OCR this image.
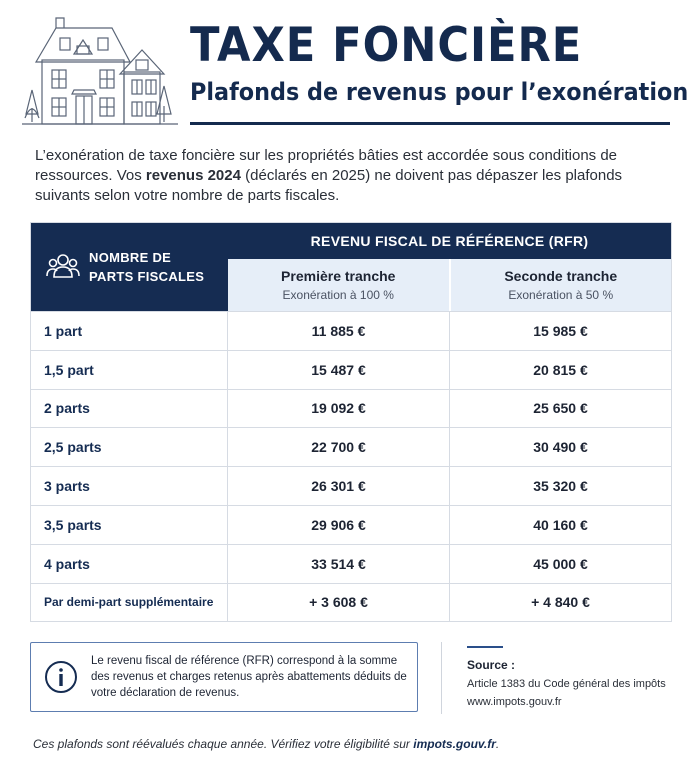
TAXE FONCIÈRE
Plafonds de revenus pour l’exonération

L’exonération de taxe foncière sur les propriétés bâties est accordée sous conditions de ressources. Vos revenus 2024 (déclarés en 2025) ne doivent pas dépaszer les plafonds suivants selon votre nombre de parts fiscales.

NOMBRE DE
PARTS FISCALES
REVENU FISCAL DE RÉFÉRENCE (RFR)
Première tranche
Exonération à 100 %
Seconde tranche
Exonération à 50 %
1 part	11 885 €	15 985 €
1,5 part	15 487 €	20 815 €
2 parts	19 092 €	25 650 €
2,5 parts	22 700 €	30 490 €
3 parts	26 301 €	35 320 €
3,5 parts	29 906 €	40 160 €
4 parts	33 514 €	45 000 €
Par demi-part supplémentaire	+ 3 608 €	+ 4 840 €
Le revenu fiscal de référence (RFR) correspond à la somme des revenus et charges retenus après abattements déduits de votre déclaration de revenus.
Source :
Article 1383 du Code général des impôts
www.impots.gouv.fr

Ces plafonds sont réévalués chaque année. Vérifiez votre éligibilité sur impots.gouv.fr.
